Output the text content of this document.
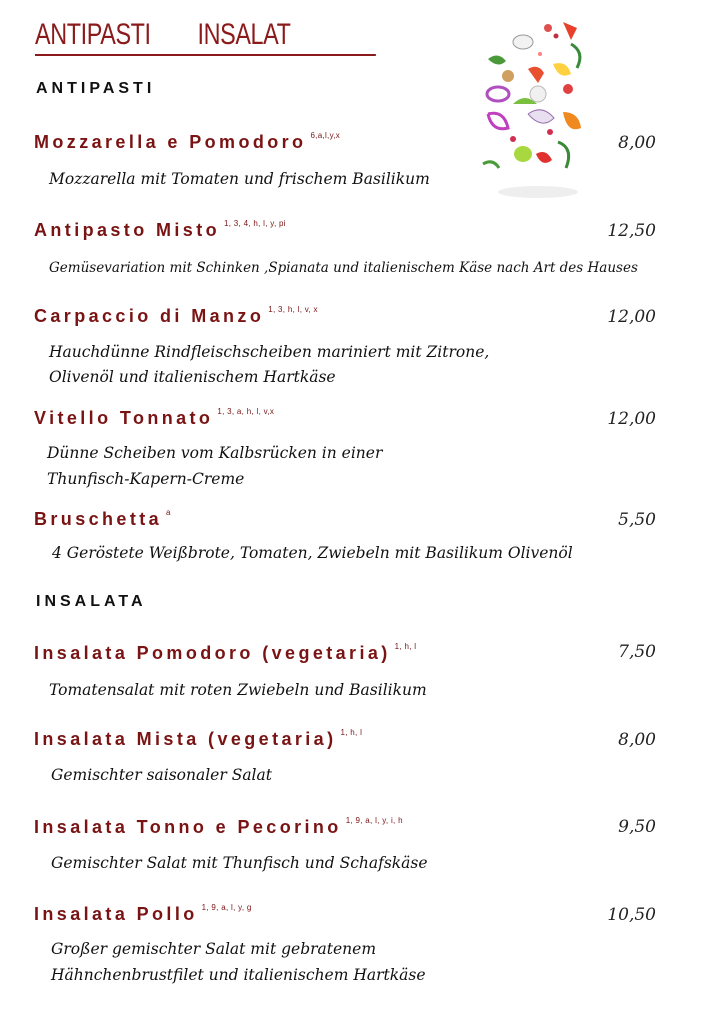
ANTIPASTI INSALAT
ANTIPASTI
Mozzarella e Pomodoro $^{6,a,l,y,x}$	8,00
Mozzarella mit Tomaten und frischem Basilikum
Antipasto Misto $^{1, 3, 4, h, l, y, pi}$	12,50
Gemüsevariation mit Schinken ,Spianata und italienischem Käse nach Art des Hauses
Carpaccio di Manzo $^{1, 3, h, l, v, x}$	12,00
Hauchdünne Rindfleischscheiben mariniert mit Zitrone,
Olivenöl und italienischem Hartkäse
Vitello Tonnato $^{1, 3, a, h, l, v,x}$	12,00
Dünne Scheiben vom Kalbsrücken in einer
Thunfisch-Kapern-Creme
Bruschetta $^a$	5,50
4 Geröstete Weißbrote, Tomaten, Zwiebeln mit Basilikum Olivenöl
INSALATA
Insalata Pomodoro (vegetaria) $^{1, h, l}$	7,50
Tomatensalat mit roten Zwiebeln und Basilikum
Insalata Mista (vegetaria) $^{1, h, l}$	8,00
Gemischter saisonaler Salat
Insalata Tonno e Pecorino $^{1, 9, a, l, y, i, h}$	9,50
Gemischter Salat mit Thunfisch und Schafskäse
Insalata Pollo $^{1, 9, a, l, y, g}$	10,50
Großer gemischter Salat mit gebratenem
Hähnchenbrustfilet und italienischem Hartkäse
